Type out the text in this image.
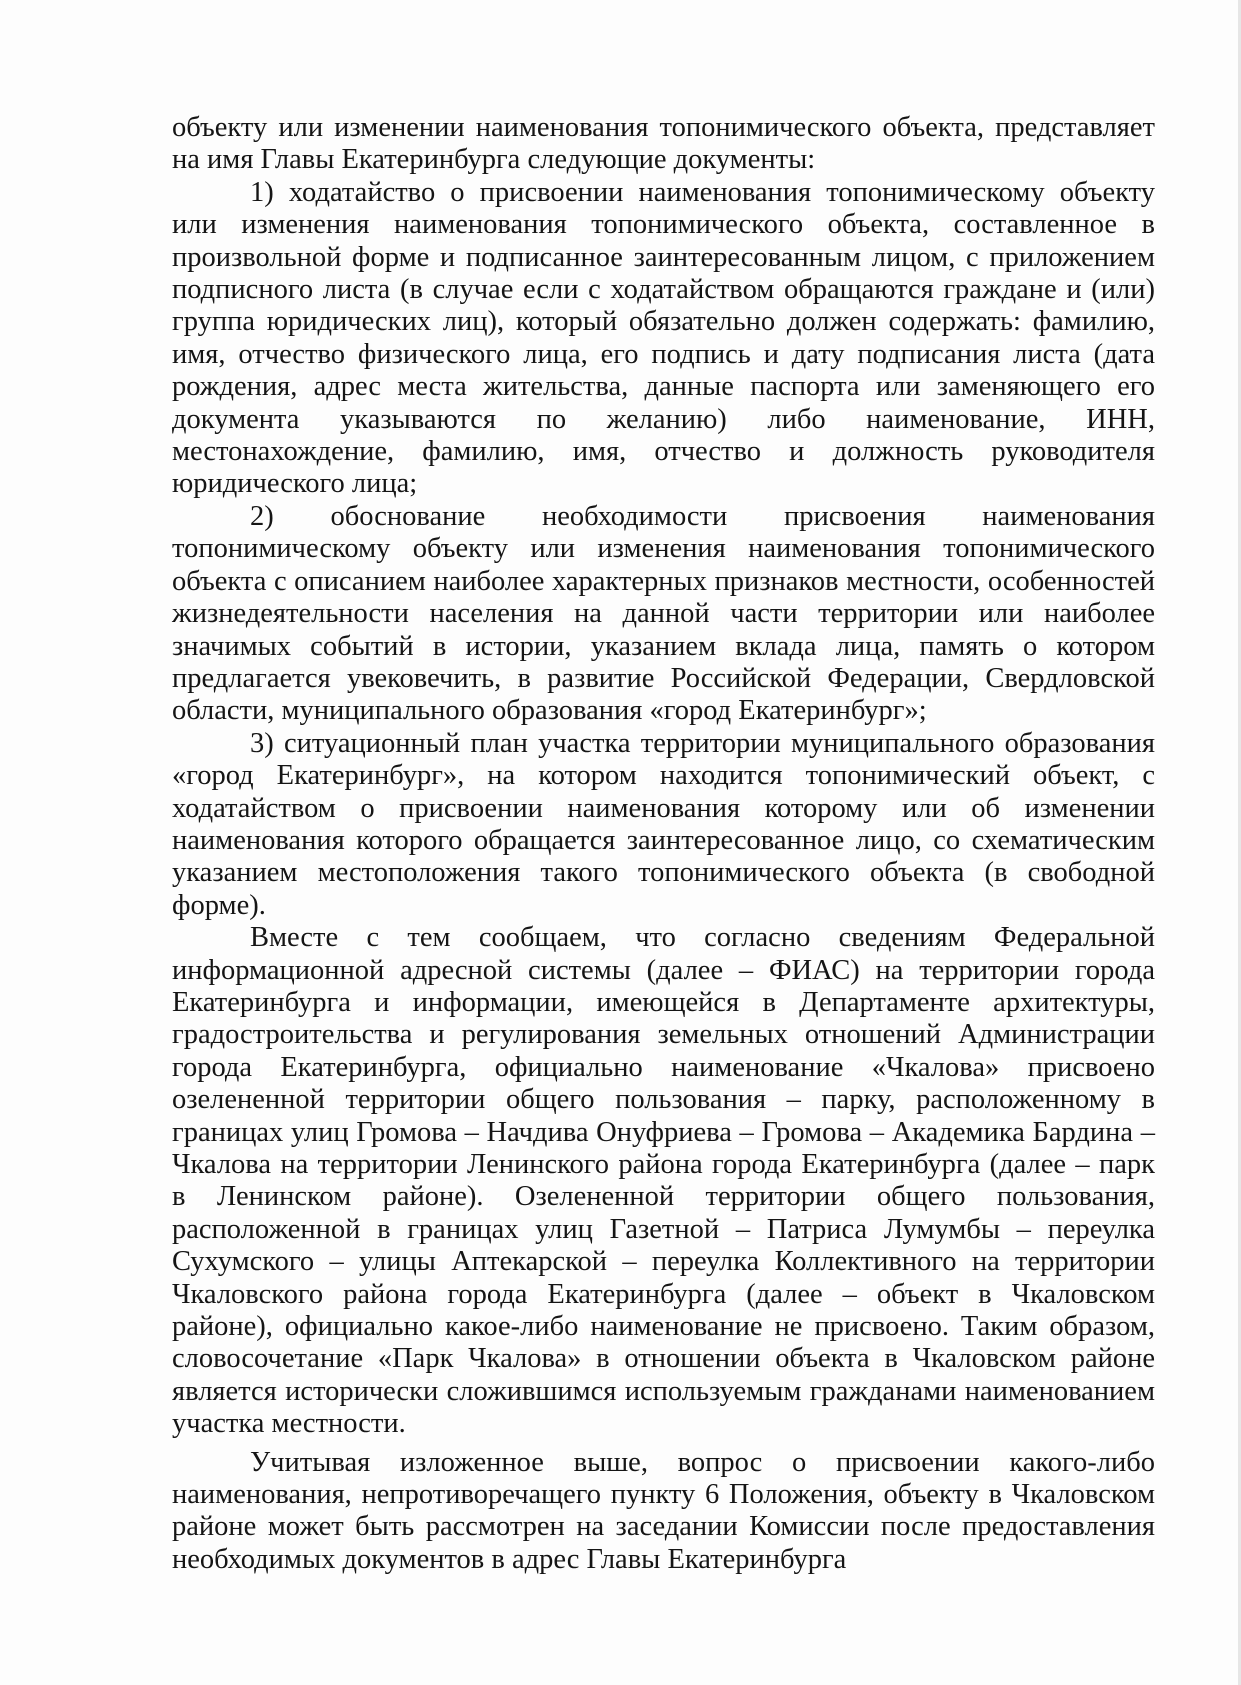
объекту или изменении наименования топонимического объекта, представляет на имя Главы Екатеринбурга следующие документы:

1) ходатайство о присвоении наименования топонимическому объекту или изменения наименования топонимического объекта, составленное в произвольной форме и подписанное заинтересованным лицом, с приложением подписного листа (в случае если с ходатайством обращаются граждане и (или) группа юридических лиц), который обязательно должен содержать: фамилию, имя, отчество физического лица, его подпись и дату подписания листа (дата рождения, адрес места жительства, данные паспорта или заменяющего его документа указываются по желанию) либо наименование, ИНН, местонахождение, фамилию, имя, отчество и должность руководителя юридического лица;

2) обоснование необходимости присвоения наименования топонимическому объекту или изменения наименования топонимического объекта с описанием наиболее характерных признаков местности, особенностей жизнедеятельности населения на данной части территории или наиболее значимых событий в истории, указанием вклада лица, память о котором предлагается увековечить, в развитие Российской Федерации, Свердловской области, муниципального образования «город Екатеринбург»;

3) ситуационный план участка территории муниципального образования «город Екатеринбург», на котором находится топонимический объект, с ходатайством о присвоении наименования которому или об изменении наименования которого обращается заинтересованное лицо, со схематическим указанием местоположения такого топонимического объекта (в свободной форме).

Вместе с тем сообщаем, что согласно сведениям Федеральной информационной адресной системы (далее – ФИАС) на территории города Екатеринбурга и информации, имеющейся в Департаменте архитектуры, градостроительства и регулирования земельных отношений Администрации города Екатеринбурга, официально наименование «Чкалова» присвоено озелененной территории общего пользования – парку, расположенному в границах улиц Громова – Начдива Онуфриева – Громова – Академика Бардина – Чкалова на территории Ленинского района города Екатеринбурга (далее – парк в Ленинском районе). Озелененной территории общего пользования, расположенной в границах улиц Газетной – Патриса Лумумбы – переулка Сухумского – улицы Аптекарской – переулка Коллективного на территории Чкаловского района города Екатеринбурга (далее – объект в Чкаловском районе), официально какое-либо наименование не присвоено. Таким образом, словосочетание «Парк Чкалова» в отношении объекта в Чкаловском районе является исторически сложившимся используемым гражданами наименованием участка местности.

Учитывая изложенное выше, вопрос о присвоении какого-либо наименования, непротиворечащего пункту 6 Положения, объекту в Чкаловском районе может быть рассмотрен на заседании Комиссии после предоставления необходимых документов в адрес Главы Екатеринбурга
